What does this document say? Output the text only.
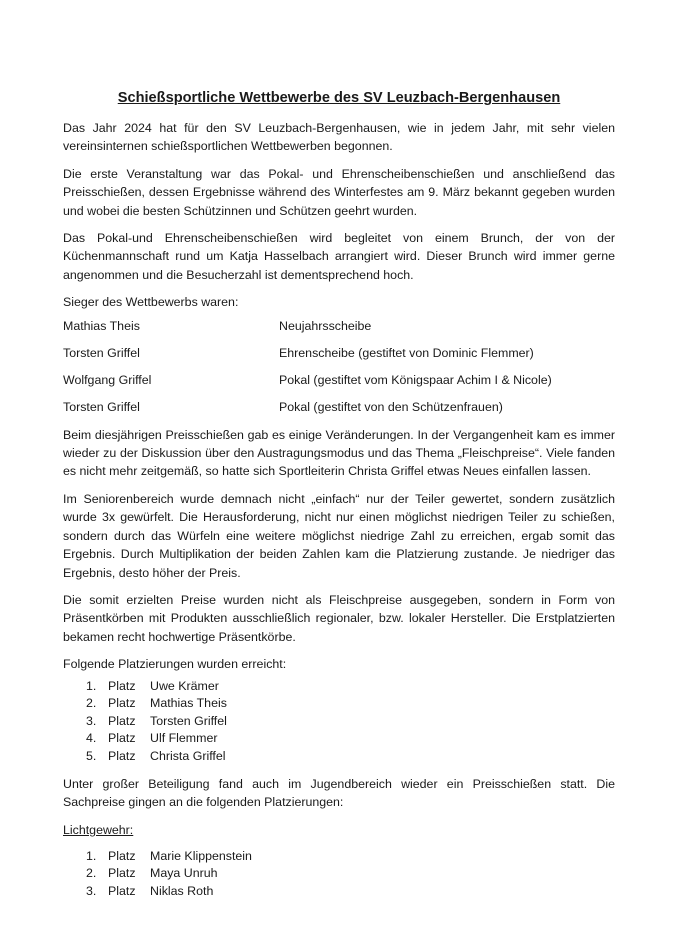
Schießsportliche Wettbewerbe des SV Leuzbach-Bergenhausen

Das Jahr 2024 hat für den SV Leuzbach-Bergenhausen, wie in jedem Jahr, mit sehr vielen vereinsinternen schießsportlichen Wettbewerben begonnen.

Die erste Veranstaltung war das Pokal- und Ehrenscheibenschießen und anschließend das Preisschießen, dessen Ergebnisse während des Winterfestes am 9. März bekannt gegeben wurden und wobei die besten Schützinnen und Schützen geehrt wurden.

Das Pokal-und Ehrenscheibenschießen wird begleitet von einem Brunch, der von der Küchenmannschaft rund um Katja Hasselbach arrangiert wird. Dieser Brunch wird immer gerne angenommen und die Besucherzahl ist dementsprechend hoch.

Sieger des Wettbewerbs waren:

Mathias Theis	Neujahrsscheibe
Torsten Griffel	Ehrenscheibe (gestiftet von Dominic Flemmer)
Wolfgang Griffel	Pokal (gestiftet vom Königspaar Achim I & Nicole)
Torsten Griffel	Pokal (gestiftet von den Schützenfrauen)

Beim diesjährigen Preisschießen gab es einige Veränderungen. In der Vergangenheit kam es immer wieder zu der Diskussion über den Austragungsmodus und das Thema „Fleischpreise“. Viele fanden es nicht mehr zeitgemäß, so hatte sich Sportleiterin Christa Griffel etwas Neues einfallen lassen.

Im Seniorenbereich wurde demnach nicht „einfach“ nur der Teiler gewertet, sondern zusätzlich wurde 3x gewürfelt. Die Herausforderung, nicht nur einen möglichst niedrigen Teiler zu schießen, sondern durch das Würfeln eine weitere möglichst niedrige Zahl zu erreichen, ergab somit das Ergebnis. Durch Multiplikation der beiden Zahlen kam die Platzierung zustande. Je niedriger das Ergebnis, desto höher der Preis.

Die somit erzielten Preise wurden nicht als Fleischpreise ausgegeben, sondern in Form von Präsentkörben mit Produkten ausschließlich regionaler, bzw. lokaler Hersteller. Die Erstplatzierten bekamen recht hochwertige Präsentkörbe.

Folgende Platzierungen wurden erreicht:

1. Platz	Uwe Krämer
2. Platz	Mathias Theis
3. Platz	Torsten Griffel
4. Platz	Ulf Flemmer
5. Platz	Christa Griffel

Unter großer Beteiligung fand auch im Jugendbereich wieder ein Preisschießen statt. Die Sachpreise gingen an die folgenden Platzierungen:

Lichtgewehr:
1. Platz	Marie Klippenstein
2. Platz	Maya Unruh
3. Platz	Niklas Roth
